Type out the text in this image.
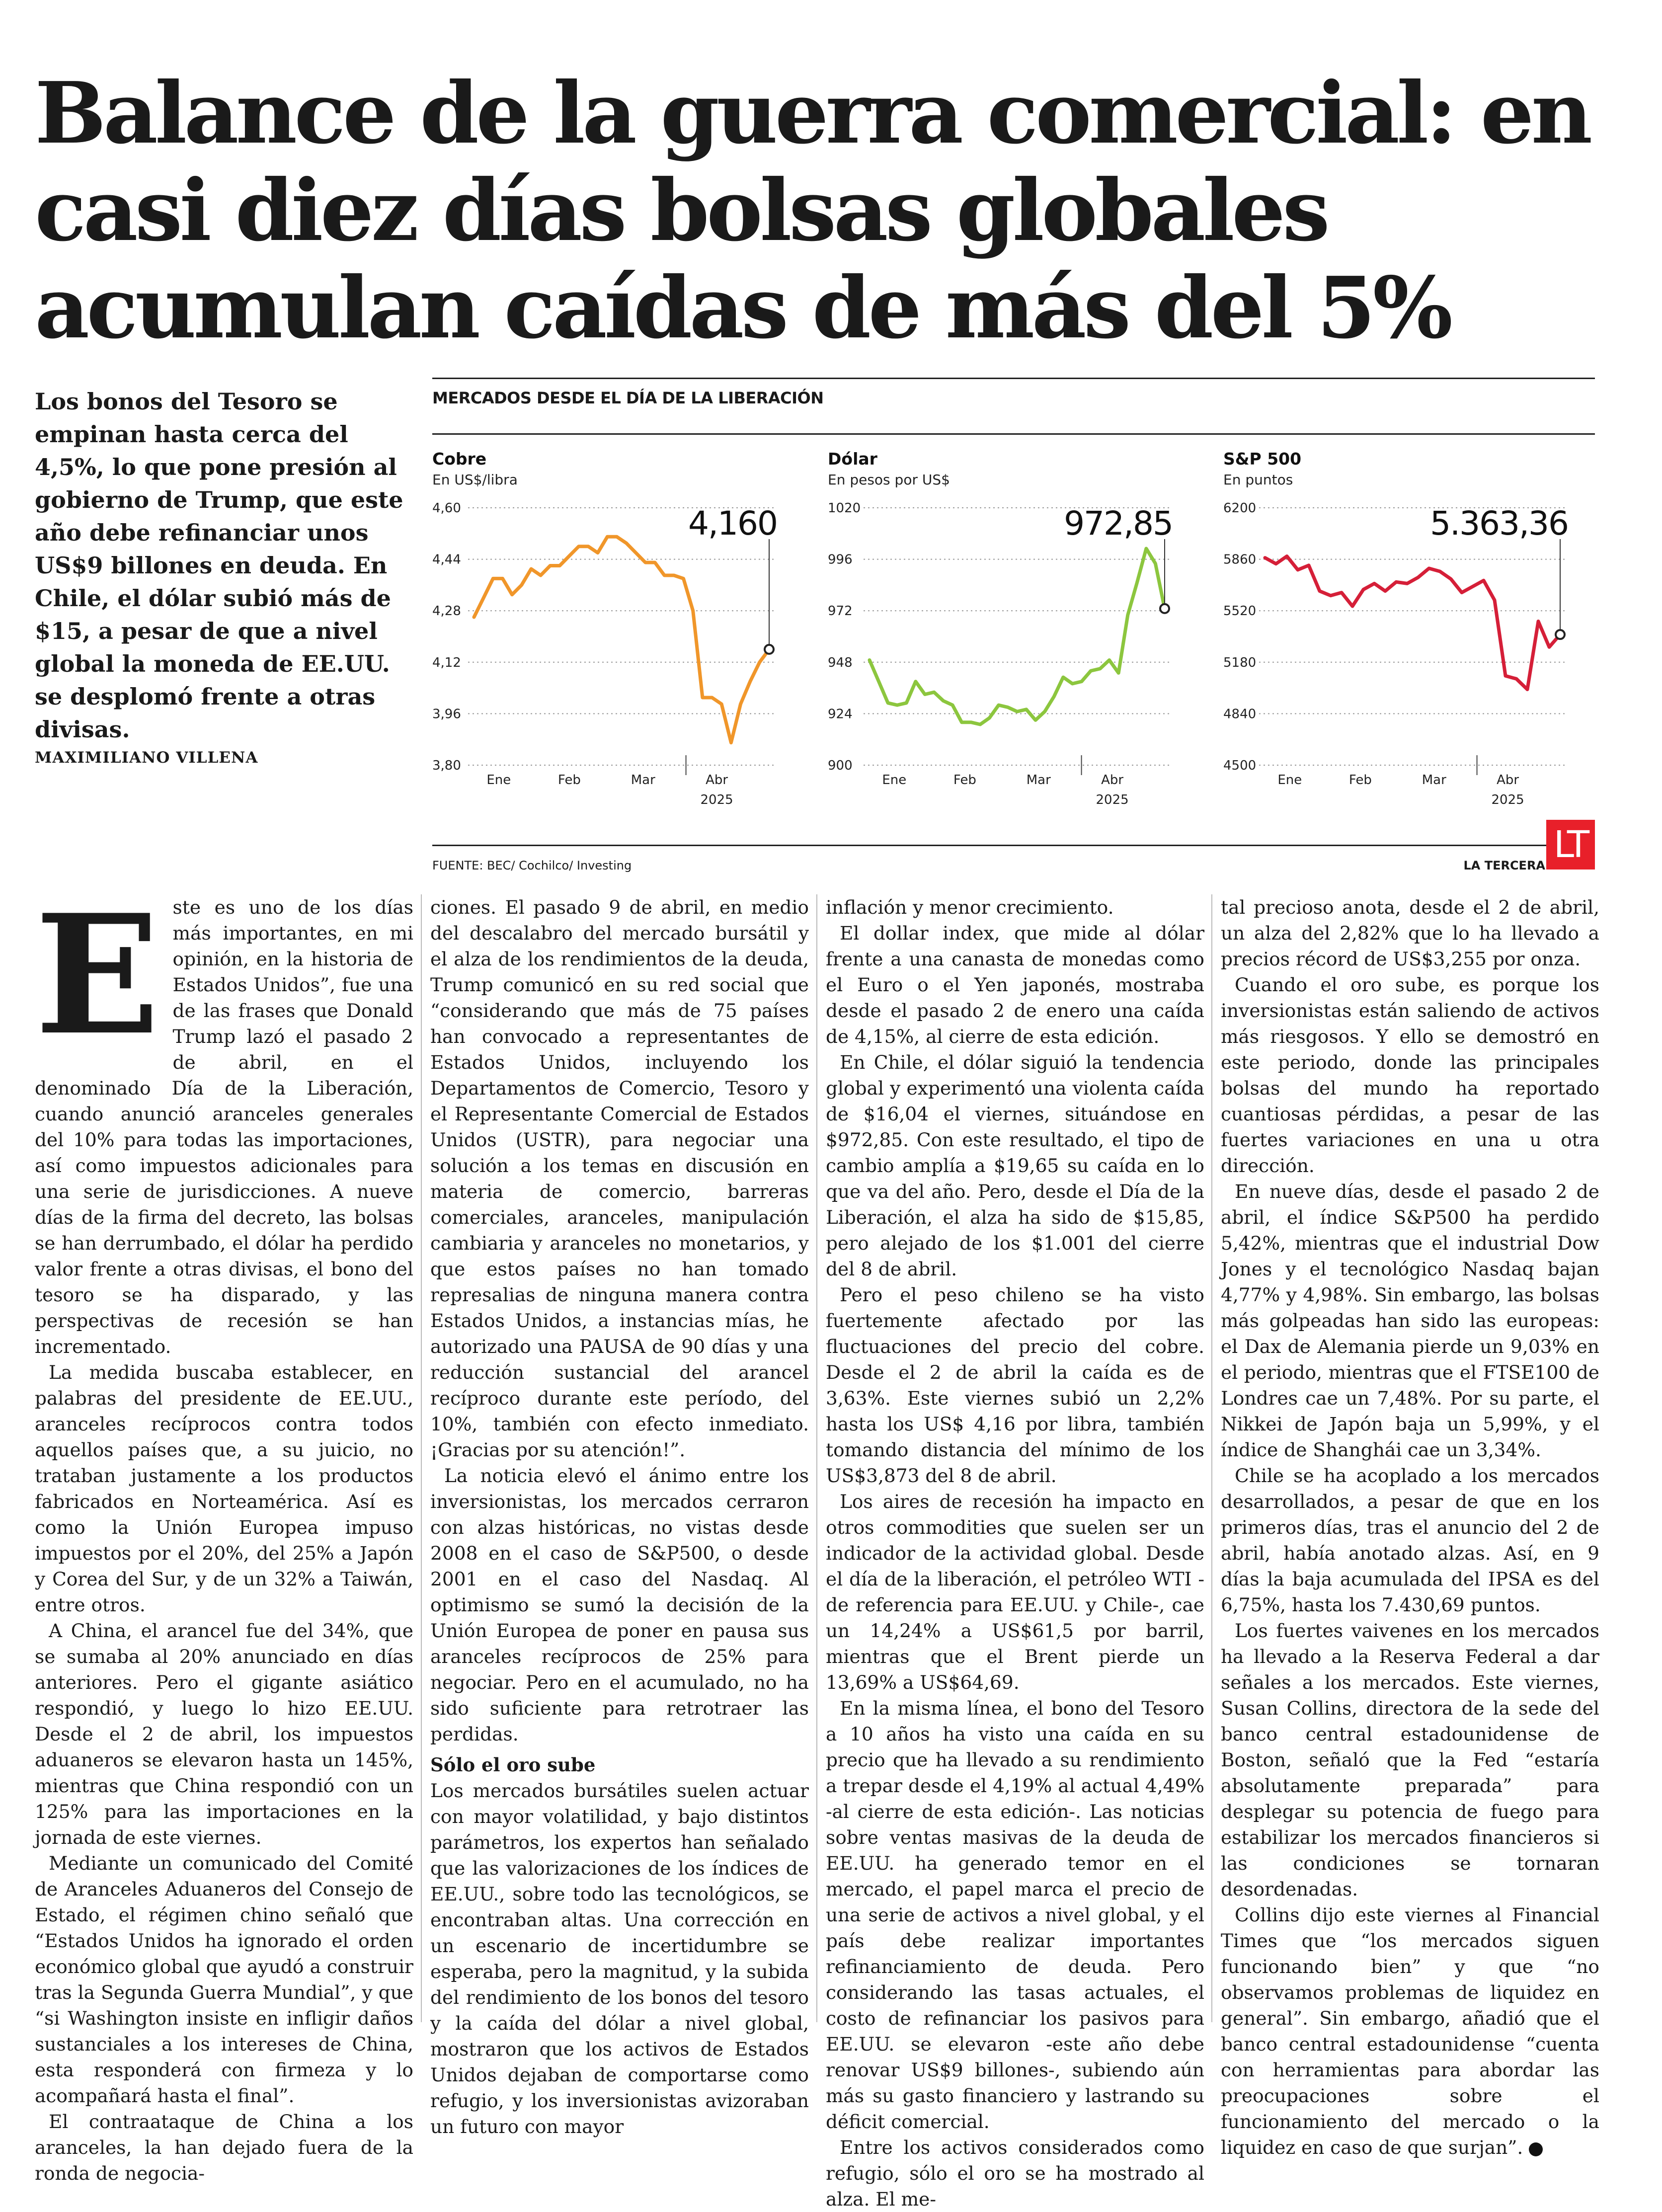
Balance de la guerra comercial: en
casi diez días bolsas globales
acumulan caídas de más del 5%

Los bonos del Tesoro se empinan hasta cerca del 4,5%, lo que pone presión al gobierno de Trump, que este año debe refinanciar unos US$9 billones en deuda. En Chile, el dólar subió más de $15, a pesar de que a nivel global la moneda de EE.UU. se desplomó frente a otras divisas.

MAXIMILIANO VILLENA
MERCADOS DESDE EL DÍA DE LA LIBERACIÓN
Cobre
En US$/libra
3,80
3,96
4,12
4,28
4,44
4,60
Ene	Feb	Mar	Abr
2025
4,160
Dólar
En pesos por US$
900
924
948
972
996
1020
Ene	Feb	Mar	Abr
2025
972,85
S&P 500
En puntos
4500
4840
5180
5520
5860
6200
Ene	Feb	Mar	Abr
2025
5.363,36
FUENTE: BEC/ Cochilco/ Investing	LA TERCERA LT
E ste es uno de los días más importantes, en mi opinión, en la historia de Estados Unidos”, fue una de las frases que Donald Trump lazó el pasado 2 de abril, en el denominado Día de la Liberación, cuando anunció aranceles generales del 10% para todas las importaciones, así como impuestos adicionales para una serie de jurisdicciones. A nueve días de la firma del decreto, las bolsas se han derrumbado, el dólar ha perdido valor frente a otras divisas, el bono del tesoro se ha disparado, y las perspectivas de recesión se han incrementado.

La medida buscaba establecer, en palabras del presidente de EE.UU., aranceles recíprocos contra todos aquellos países que, a su juicio, no trataban justamente a los productos fabricados en Norteamérica. Así es como la Unión Europea impuso impuestos por el 20%, del 25% a Japón y Corea del Sur, y de un 32% a Taiwán, entre otros.

A China, el arancel fue del 34%, que se sumaba al 20% anunciado en días anteriores. Pero el gigante asiático respondió, y luego lo hizo EE.UU. Desde el 2 de abril, los impuestos aduaneros se elevaron hasta un 145%, mientras que China respondió con un 125% para las importaciones en la jornada de este viernes.

Mediante un comunicado del Comité de Aranceles Aduaneros del Consejo de Estado, el régimen chino señaló que “Estados Unidos ha ignorado el orden económico global que ayudó a construir tras la Segunda Guerra Mundial”, y que “si Washington insiste en infligir daños sustanciales a los intereses de China, esta responderá con firmeza y lo acompañará hasta el final”.

El contraataque de China a los aranceles, la han dejado fuera de la ronda de negocia-

ciones. El pasado 9 de abril, en medio del descalabro del mercado bursátil y el alza de los rendimientos de la deuda, Trump comunicó en su red social que “considerando que más de 75 países han convocado a representantes de Estados Unidos, incluyendo los Departamentos de Comercio, Tesoro y el Representante Comercial de Estados Unidos (USTR), para negociar una solución a los temas en discusión en materia de comercio, barreras comerciales, aranceles, manipulación cambiaria y aranceles no monetarios, y que estos países no han tomado represalias de ninguna manera contra Estados Unidos, a instancias mías, he autorizado una PAUSA de 90 días y una reducción sustancial del arancel recíproco durante este período, del 10%, también con efecto inmediato. ¡Gracias por su atención!”.

La noticia elevó el ánimo entre los inversionistas, los mercados cerraron con alzas históricas, no vistas desde 2008 en el caso de S&P500, o desde 2001 en el caso del Nasdaq. Al optimismo se sumó la decisión de la Unión Europea de poner en pausa sus aranceles recíprocos de 25% para negociar. Pero en el acumulado, no ha sido suficiente para retrotraer las perdidas.

Sólo el oro sube

Los mercados bursátiles suelen actuar con mayor volatilidad, y bajo distintos parámetros, los expertos han señalado que las valorizaciones de los índices de EE.UU., sobre todo las tecnológicos, se encontraban altas. Una corrección en un escenario de incertidumbre se esperaba, pero la magnitud, y la subida del rendimiento de los bonos del tesoro y la caída del dólar a nivel global, mostraron que los activos de Estados Unidos dejaban de comportarse como refugio, y los inversionistas avizoraban un futuro con mayor

inflación y menor crecimiento.

El dollar index, que mide al dólar frente a una canasta de monedas como el Euro o el Yen japonés, mostraba desde el pasado 2 de enero una caída de 4,15%, al cierre de esta edición.

En Chile, el dólar siguió la tendencia global y experimentó una violenta caída de $16,04 el viernes, situándose en $972,85. Con este resultado, el tipo de cambio amplía a $19,65 su caída en lo que va del año. Pero, desde el Día de la Liberación, el alza ha sido de $15,85, pero alejado de los $1.001 del cierre del 8 de abril.

Pero el peso chileno se ha visto fuertemente afectado por las fluctuaciones del precio del cobre. Desde el 2 de abril la caída es de 3,63%. Este viernes subió un 2,2% hasta los US$ 4,16 por libra, también tomando distancia del mínimo de los US$3,873 del 8 de abril.

Los aires de recesión ha impacto en otros commodities que suelen ser un indicador de la actividad global. Desde el día de la liberación, el petróleo WTI -de referencia para EE.UU. y Chile-, cae un 14,24% a US$61,5 por barril, mientras que el Brent pierde un 13,69% a US$64,69.

En la misma línea, el bono del Tesoro a 10 años ha visto una caída en su precio que ha llevado a su rendimiento a trepar desde el 4,19% al actual 4,49% -al cierre de esta edición-. Las noticias sobre ventas masivas de la deuda de EE.UU. ha generado temor en el mercado, el papel marca el precio de una serie de activos a nivel global, y el país debe realizar importantes refinanciamiento de deuda. Pero considerando las tasas actuales, el costo de refinanciar los pasivos para EE.UU. se elevaron -este año debe renovar US$9 billones-, subiendo aún más su gasto financiero y lastrando su déficit comercial.

Entre los activos considerados como refugio, sólo el oro se ha mostrado al alza. El me-

tal precioso anota, desde el 2 de abril, un alza del 2,82% que lo ha llevado a precios récord de US$3,255 por onza.

Cuando el oro sube, es porque los inversionistas están saliendo de activos más riesgosos. Y ello se demostró en este periodo, donde las principales bolsas del mundo ha reportado cuantiosas pérdidas, a pesar de las fuertes variaciones en una u otra dirección.

En nueve días, desde el pasado 2 de abril, el índice S&P500 ha perdido 5,42%, mientras que el industrial Dow Jones y el tecnológico Nasdaq bajan 4,77% y 4,98%. Sin embargo, las bolsas más golpeadas han sido las europeas: el Dax de Alemania pierde un 9,03% en el periodo, mientras que el FTSE100 de Londres cae un 7,48%. Por su parte, el Nikkei de Japón baja un 5,99%, y el índice de Shanghái cae un 3,34%.

Chile se ha acoplado a los mercados desarrollados, a pesar de que en los primeros días, tras el anuncio del 2 de abril, había anotado alzas. Así, en 9 días la baja acumulada del IPSA es del 6,75%, hasta los 7.430,69 puntos.

Los fuertes vaivenes en los mercados ha llevado a la Reserva Federal a dar señales a los mercados. Este viernes, Susan Collins, directora de la sede del banco central estadounidense de Boston, señaló que la Fed “estaría absolutamente preparada” para desplegar su potencia de fuego para estabilizar los mercados financieros si las condiciones se tornaran desordenadas.

Collins dijo este viernes al Financial Times que “los mercados siguen funcionando bien” y que “no observamos problemas de liquidez en general”. Sin embargo, añadió que el banco central estadounidense “cuenta con herramientas para abordar las preocupaciones sobre el funcionamiento del mercado o la liquidez en caso de que surjan”. P
